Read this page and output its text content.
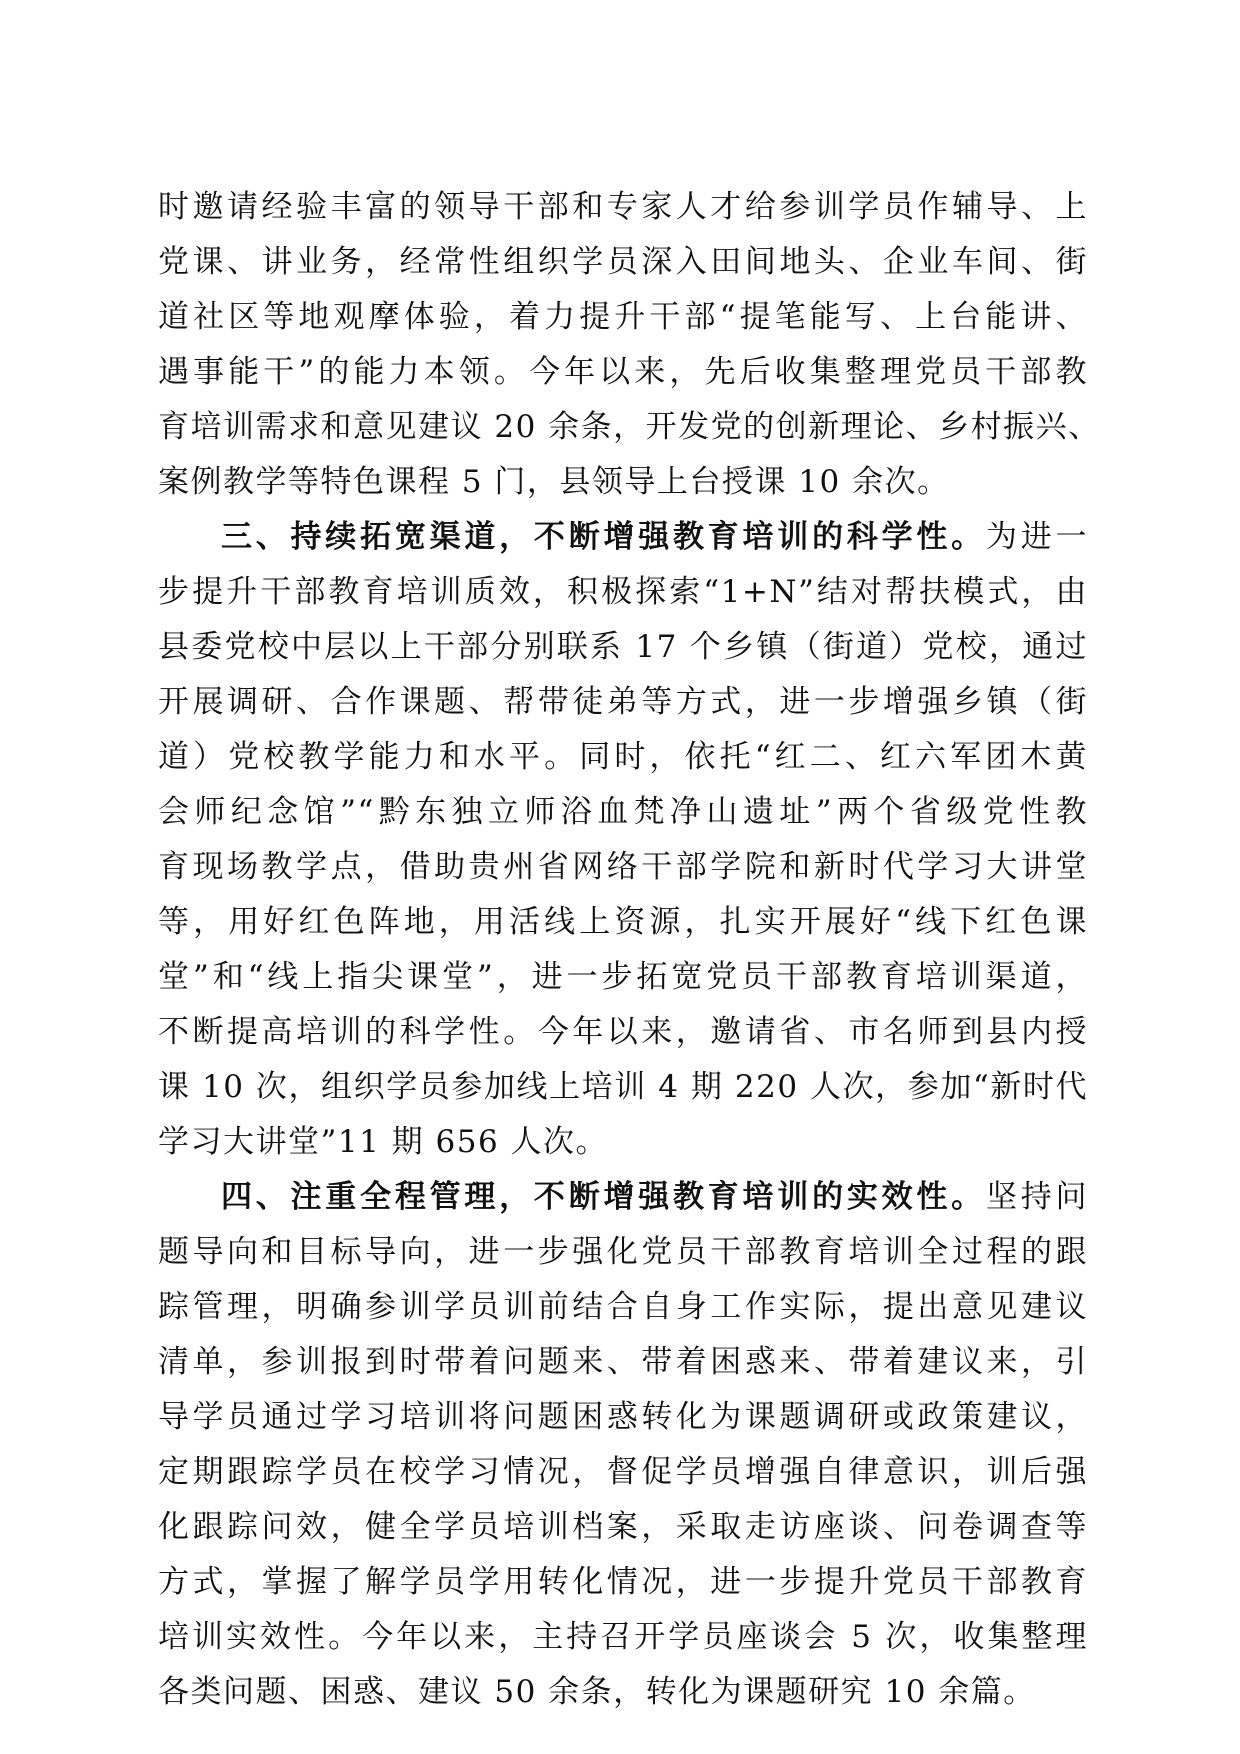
时邀请经验丰富的领导干部和专家人才给参训学员作辅导、上
党课、讲业务，经常性组织学员深入田间地头、企业车间、街
道社区等地观摩体验，着力提升干部“提笔能写、上台能讲、
遇事能干”的能力本领。今年以来，先后收集整理党员干部教
育培训需求和意见建议 20 余条，开发党的创新理论、乡村振兴、
案例教学等特色课程 5 门，县领导上台授课 10 余次。
三、持续拓宽渠道，不断增强教育培训的科学性。为进一
步提升干部教育培训质效，积极探索“1+N”结对帮扶模式，由
县委党校中层以上干部分别联系 17 个乡镇（街道）党校，通过
开展调研、合作课题、帮带徒弟等方式，进一步增强乡镇（街
道）党校教学能力和水平。同时，依托“红二、红六军团木黄
会师纪念馆”“黔东独立师浴血梵净山遗址”两个省级党性教
育现场教学点，借助贵州省网络干部学院和新时代学习大讲堂
等，用好红色阵地，用活线上资源，扎实开展好“线下红色课
堂”和“线上指尖课堂”，进一步拓宽党员干部教育培训渠道，
不断提高培训的科学性。今年以来，邀请省、市名师到县内授
课 10 次，组织学员参加线上培训 4 期 220 人次，参加“新时代
学习大讲堂”11 期 656 人次。
四、注重全程管理，不断增强教育培训的实效性。坚持问
题导向和目标导向，进一步强化党员干部教育培训全过程的跟
踪管理，明确参训学员训前结合自身工作实际，提出意见建议
清单，参训报到时带着问题来、带着困惑来、带着建议来，引
导学员通过学习培训将问题困惑转化为课题调研或政策建议，
定期跟踪学员在校学习情况，督促学员增强自律意识，训后强
化跟踪问效，健全学员培训档案，采取走访座谈、问卷调查等
方式，掌握了解学员学用转化情况，进一步提升党员干部教育
培训实效性。今年以来，主持召开学员座谈会 5 次，收集整理
各类问题、困惑、建议 50 余条，转化为课题研究 10 余篇。
